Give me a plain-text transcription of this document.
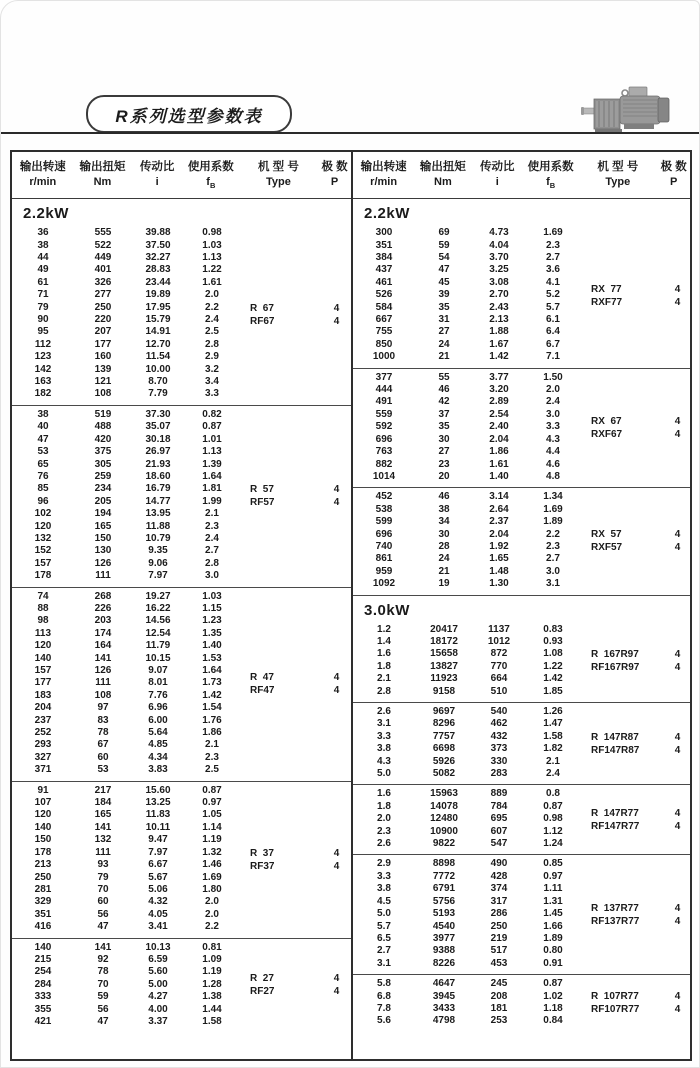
R系列选型参数表
输出转速	输出扭矩	传动比	使用系数	机 型 号	极 数
r/min	Nm	i	$f_B$	Type	P
2.2kW
36	555	39.88	0.98
38	522	37.50	1.03
44	449	32.27	1.13
49	401	28.83	1.22
61	326	23.44	1.61
71	277	19.89	2.0
79	250	17.95	2.2
90	220	15.79	2.4
95	207	14.91	2.5
112	177	12.70	2.8
123	160	11.54	2.9
142	139	10.00	3.2
163	121	8.70	3.4
182	108	7.79	3.3
R  67	4
RF67	4
38	519	37.30	0.82
40	488	35.07	0.87
47	420	30.18	1.01
53	375	26.97	1.13
65	305	21.93	1.39
76	259	18.60	1.64
85	234	16.79	1.81
96	205	14.77	1.99
102	194	13.95	2.1
120	165	11.88	2.3
132	150	10.79	2.4
152	130	9.35	2.7
157	126	9.06	2.8
178	111	7.97	3.0
R  57	4
RF57	4
74	268	19.27	1.03
88	226	16.22	1.15
98	203	14.56	1.23
113	174	12.54	1.35
120	164	11.79	1.40
140	141	10.15	1.53
157	126	9.07	1.64
177	111	8.01	1.73
183	108	7.76	1.42
204	97	6.96	1.54
237	83	6.00	1.76
252	78	5.64	1.86
293	67	4.85	2.1
327	60	4.34	2.3
371	53	3.83	2.5
R  47	4
RF47	4
91	217	15.60	0.87
107	184	13.25	0.97
120	165	11.83	1.05
140	141	10.11	1.14
150	132	9.47	1.19
178	111	7.97	1.32
213	93	6.67	1.46
250	79	5.67	1.69
281	70	5.06	1.80
329	60	4.32	2.0
351	56	4.05	2.0
416	47	3.41	2.2
R  37	4
RF37	4
140	141	10.13	0.81
215	92	6.59	1.09
254	78	5.60	1.19
284	70	5.00	1.28
333	59	4.27	1.38
355	56	4.00	1.44
421	47	3.37	1.58
R  27	4
RF27	4
输出转速	输出扭矩	传动比	使用系数	机 型 号	极 数
r/min	Nm	i	$f_B$	Type	P
2.2kW
300	69	4.73	1.69
351	59	4.04	2.3
384	54	3.70	2.7
437	47	3.25	3.6
461	45	3.08	4.1
526	39	2.70	5.2
584	35	2.43	5.7
667	31	2.13	6.1
755	27	1.88	6.4
850	24	1.67	6.7
1000	21	1.42	7.1
RX  77	4
RXF77	4
377	55	3.77	1.50
444	46	3.20	2.0
491	42	2.89	2.4
559	37	2.54	3.0
592	35	2.40	3.3
696	30	2.04	4.3
763	27	1.86	4.4
882	23	1.61	4.6
1014	20	1.40	4.8
RX  67	4
RXF67	4
452	46	3.14	1.34
538	38	2.64	1.69
599	34	2.37	1.89
696	30	2.04	2.2
740	28	1.92	2.3
861	24	1.65	2.7
959	21	1.48	3.0
1092	19	1.30	3.1
RX  57	4
RXF57	4
3.0kW
1.2	20417	1137	0.83
1.4	18172	1012	0.93
1.6	15658	872	1.08
1.8	13827	770	1.22
2.1	11923	664	1.42
2.8	9158	510	1.85
R  167R97	4
RF167R97	4
2.6	9697	540	1.26
3.1	8296	462	1.47
3.3	7757	432	1.58
3.8	6698	373	1.82
4.3	5926	330	2.1
5.0	5082	283	2.4
R  147R87	4
RF147R87	4
1.6	15963	889	0.8
1.8	14078	784	0.87
2.0	12480	695	0.98
2.3	10900	607	1.12
2.6	9822	547	1.24
R  147R77	4
RF147R77	4
2.9	8898	490	0.85
3.3	7772	428	0.97
3.8	6791	374	1.11
4.5	5756	317	1.31
5.0	5193	286	1.45
5.7	4540	250	1.66
6.5	3977	219	1.89
2.7	9388	517	0.80
3.1	8226	453	0.91
R  137R77	4
RF137R77	4
5.8	4647	245	0.87
6.8	3945	208	1.02
7.8	3433	181	1.18
5.6	4798	253	0.84
R  107R77	4
RF107R77	4
